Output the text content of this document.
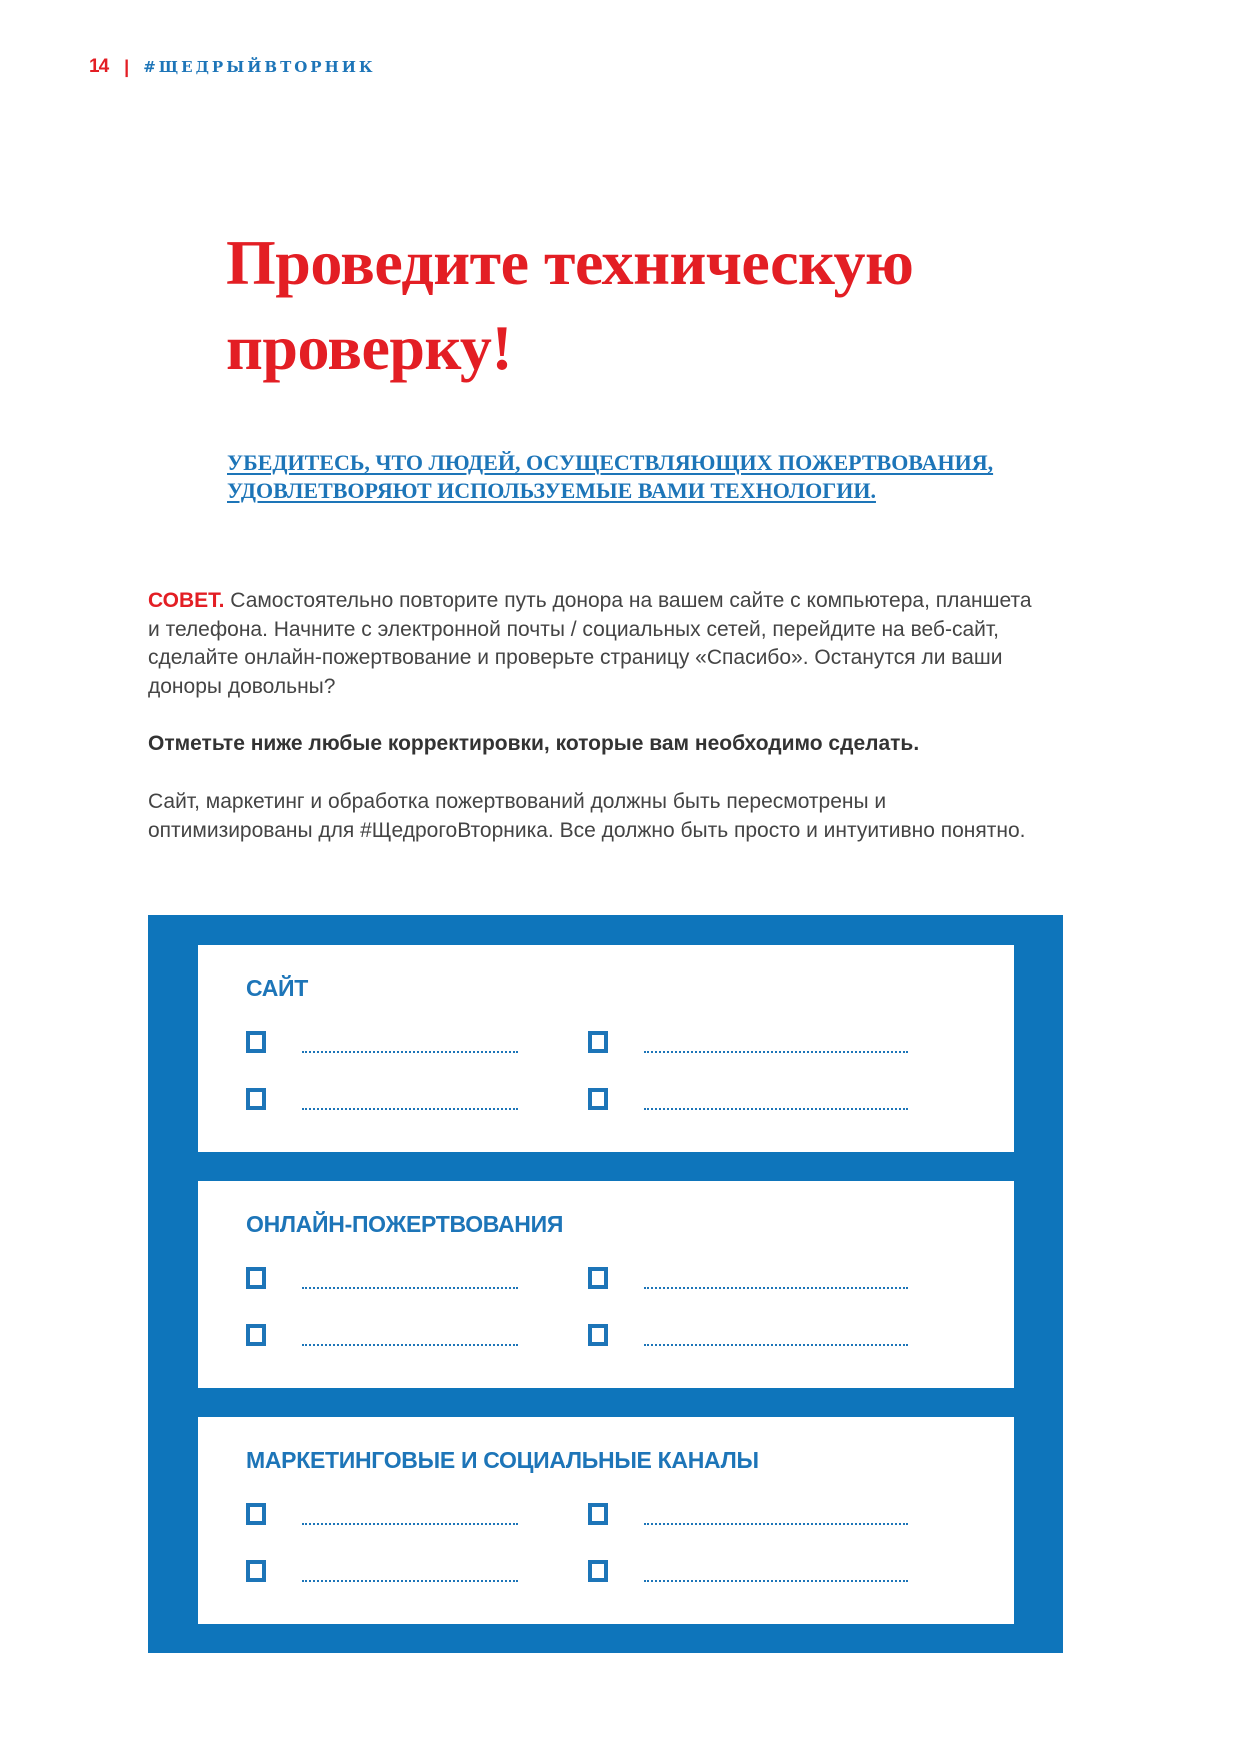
14 | #ЩЕДРЫЙВТОРНИК
Проведите техническую
проверку!
УБЕДИТЕСЬ, ЧТО ЛЮДЕЙ, ОСУЩЕСТВЛЯЮЩИХ ПОЖЕРТВОВАНИЯ, УДОВЛЕТВОРЯЮТ ИСПОЛЬЗУЕМЫЕ ВАМИ ТЕХНОЛОГИИ.
СОВЕТ. Самостоятельно повторите путь донора на вашем сайте с компьютера, планшета и телефона. Начните с электронной почты / социальных сетей, перейдите на веб-сайт, сделайте онлайн-пожертвование и проверьте страницу «Спасибо». Останутся ли ваши доноры довольны?
Отметьте ниже любые корректировки, которые вам необходимо сделать.
Сайт, маркетинг и обработка пожертвований должны быть пересмотрены и оптимизированы для #ЩедрогоВторника. Все должно быть просто и интуитивно понятно.
САЙТ
ОНЛАЙН-ПОЖЕРТВОВАНИЯ
МАРКЕТИНГОВЫЕ И СОЦИАЛЬНЫЕ КАНАЛЫ
